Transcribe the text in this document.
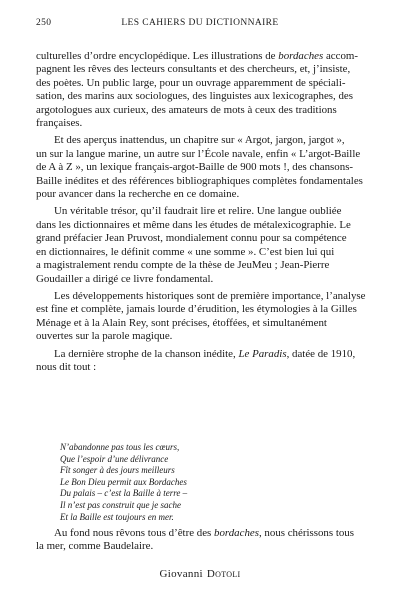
250	LES CAHIERS DU DICTIONNAIRE

culturelles d’ordre encyclopédique. Les illustrations de bordaches accom-
pagnent les rêves des lecteurs consultants et des chercheurs, et, j’insiste,
des poètes. Un public large, pour un ouvrage apparemment de spéciali-
sation, des marins aux sociologues, des linguistes aux lexicographes, des
argotologues aux curieux, des amateurs de mots à ceux des traditions
françaises.

Et des aperçus inattendus, un chapitre sur « Argot, jargon, jargot »,
un sur la langue marine, un autre sur l’École navale, enfin « L’argot-Baille
de A à Z », un lexique français-argot-Baille de 900 mots !, des chansons-
Baille inédites et des références bibliographiques complètes fondamentales
pour avancer dans la recherche en ce domaine.

Un véritable trésor, qu’il faudrait lire et relire. Une langue oubliée
dans les dictionnaires et même dans les études de métalexicographie. Le
grand préfacier Jean Pruvost, mondialement connu pour sa compétence
en dictionnaires, le définit comme « une somme ». C’est bien lui qui
a magistralement rendu compte de la thèse de JeuMeu ; Jean-Pierre
Goudailler a dirigé ce livre fondamental.

Les développements historiques sont de première importance, l’analyse
est fine et complète, jamais lourde d’érudition, les étymologies à la Gilles
Ménage et à la Alain Rey, sont précises, étoffées, et simultanément
ouvertes sur la parole magique.

La dernière strophe de la chanson inédite, Le Paradis, datée de 1910,
nous dit tout :

N’abandonne pas tous les cœurs,
Que l’espoir d’une délivrance
Fît songer à des jours meilleurs
Le Bon Dieu permit aux Bordaches
Du palais – c’est la Baille à terre –
Il n’est pas construit que je sache
Et la Baille est toujours en mer.
Au fond nous rêvons tous d’être des bordaches, nous chérissons tous
la mer, comme Baudelaire.
Giovanni Dotoli
